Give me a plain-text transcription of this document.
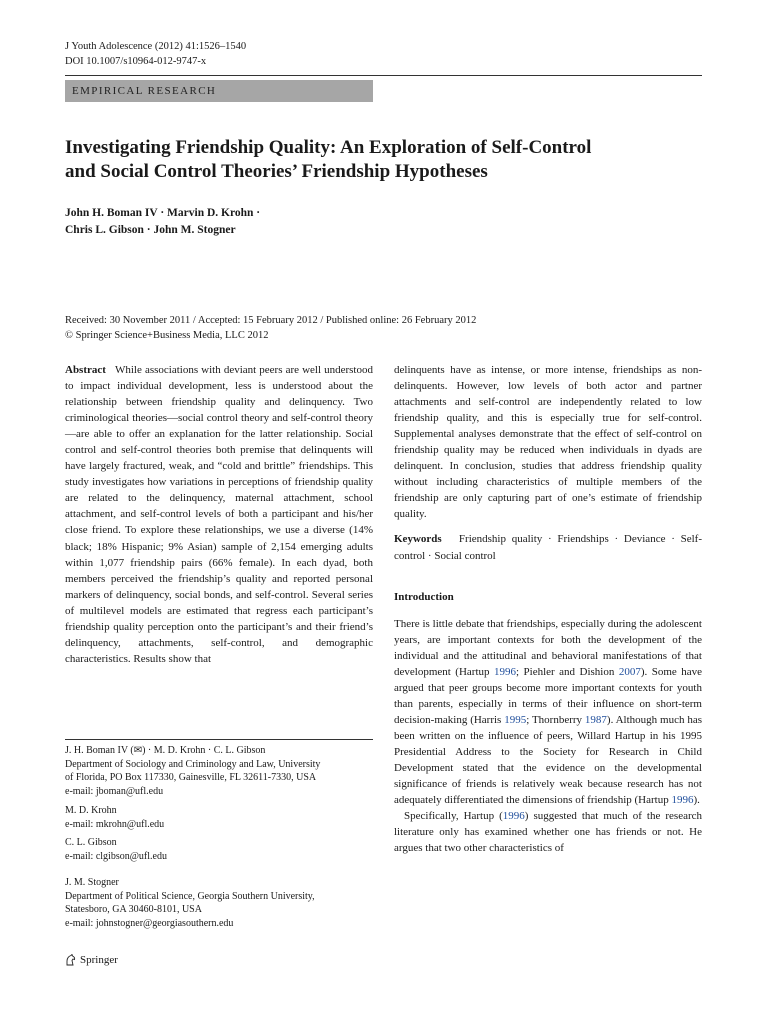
J Youth Adolescence (2012) 41:1526–1540
DOI 10.1007/s10964-012-9747-x
EMPIRICAL RESEARCH
Investigating Friendship Quality: An Exploration of Self-Control
and Social Control Theories’ Friendship Hypotheses
John H. Boman IV · Marvin D. Krohn ·
Chris L. Gibson · John M. Stogner
Received: 30 November 2011 / Accepted: 15 February 2012 / Published online: 26 February 2012
© Springer Science+Business Media, LLC 2012

Abstract While associations with deviant peers are well understood to impact individual development, less is understood about the relationship between friendship quality and delinquency. Two criminological theories—social control theory and self-control theory—are able to offer an explanation for the latter relationship. Social control and self-control theories both premise that delinquents will have largely fractured, weak, and “cold and brittle” friendships. This study investigates how variations in perceptions of friendship quality are related to the delinquency, maternal attachment, school attachment, and self-control levels of both a participant and his/her close friend. To explore these relationships, we use a diverse (14% black; 18% Hispanic; 9% Asian) sample of 2,154 emerging adults within 1,077 friendship pairs (66% female). In each dyad, both members perceived the friendship’s quality and reported personal markers of delinquency, social bonds, and self-control. Several series of multilevel models are estimated that regress each participant’s friendship quality perception onto the participant’s and their friend’s delinquency, attachments, self-control, and demographic characteristics. Results show that

J. H. Boman IV (✉) · M. D. Krohn · C. L. Gibson
Department of Sociology and Criminology and Law, University
of Florida, PO Box 117330, Gainesville, FL 32611-7330, USA
e-mail: jboman@ufl.edu
M. D. Krohn
e-mail: mkrohn@ufl.edu
C. L. Gibson
e-mail: clgibson@ufl.edu
J. M. Stogner
Department of Political Science, Georgia Southern University,
Statesboro, GA 30460-8101, USA
e-mail: johnstogner@georgiasouthern.edu
Springer

delinquents have as intense, or more intense, friendships as non-delinquents. However, low levels of both actor and partner attachments and self-control are independently related to low friendship quality, and this is especially true for self-control. Supplemental analyses demonstrate that the effect of self-control on friendship quality may be reduced when individuals in dyads are delinquent. In conclusion, studies that address friendship quality without including characteristics of multiple members of the friendship are only capturing part of one’s estimate of friendship quality.

Keywords Friendship quality · Friendships · Deviance · Self-control · Social control

Introduction

There is little debate that friendships, especially during the adolescent years, are important contexts for both the development of the individual and the attitudinal and behavioral manifestations of that development (Hartup 1996; Piehler and Dishion 2007). Some have argued that peer groups become more important contexts for youth than parents, especially in terms of their influence on short-term decision-making (Harris 1995; Thornberry 1987). Although much has been written on the influence of peers, Willard Hartup in his 1995 Presidential Address to the Society for Research in Child Development stated that the evidence on the developmental significance of friends is relatively weak because research has not adequately differentiated the dimensions of friendship (Hartup 1996).

Specifically, Hartup (1996) suggested that much of the research literature only has examined whether one has friends or not. He argues that two other characteristics of
